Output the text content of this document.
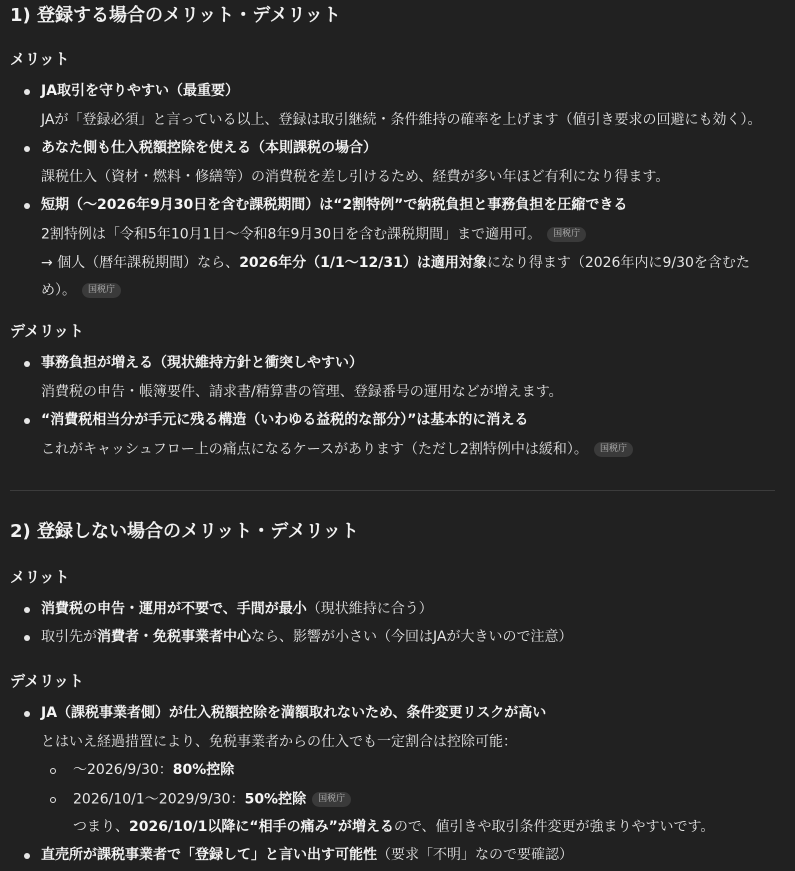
1) 登録する場合のメリット・デメリット
メリット
JA取引を守りやすい（最重要）
JAが「登録必須」と言っている以上、登録は取引継続・条件維持の確率を上げます（値引き要求の回避にも効く）。
あなた側も仕入税額控除を使える（本則課税の場合）
課税仕入（資材・燃料・修繕等）の消費税を差し引けるため、経費が多い年ほど有利になり得ます。
短期（〜2026年9月30日を含む課税期間）は“2割特例”で納税負担と事務負担を圧縮できる
2割特例は「令和5年10月1日〜令和8年9月30日を含む課税期間」まで適用可。 国税庁
→ 個人（暦年課税期間）なら、2026年分（1/1〜12/31）は適用対象になり得ます（2026年内に9/30を含むた
め）。 国税庁
デメリット
事務負担が増える（現状維持方針と衝突しやすい）
消費税の申告・帳簿要件、請求書/精算書の管理、登録番号の運用などが増えます。
“消費税相当分が手元に残る構造（いわゆる益税的な部分）”は基本的に消える
これがキャッシュフロー上の痛点になるケースがあります（ただし2割特例中は緩和）。 国税庁
2) 登録しない場合のメリット・デメリット
メリット
消費税の申告・運用が不要で、手間が最小（現状維持に合う）
取引先が消費者・免税事業者中心なら、影響が小さい（今回はJAが大きいので注意）
デメリット
JA（課税事業者側）が仕入税額控除を満額取れないため、条件変更リスクが高い
とはいえ経過措置により、免税事業者からの仕入でも一定割合は控除可能：
〜2026/9/30：80%控除
2026/10/1〜2029/9/30：50%控除 国税庁
つまり、2026/10/1以降に“相手の痛み”が増えるので、値引きや取引条件変更が強まりやすいです。
直売所が課税事業者で「登録して」と言い出す可能性（要求「不明」なので要確認）
